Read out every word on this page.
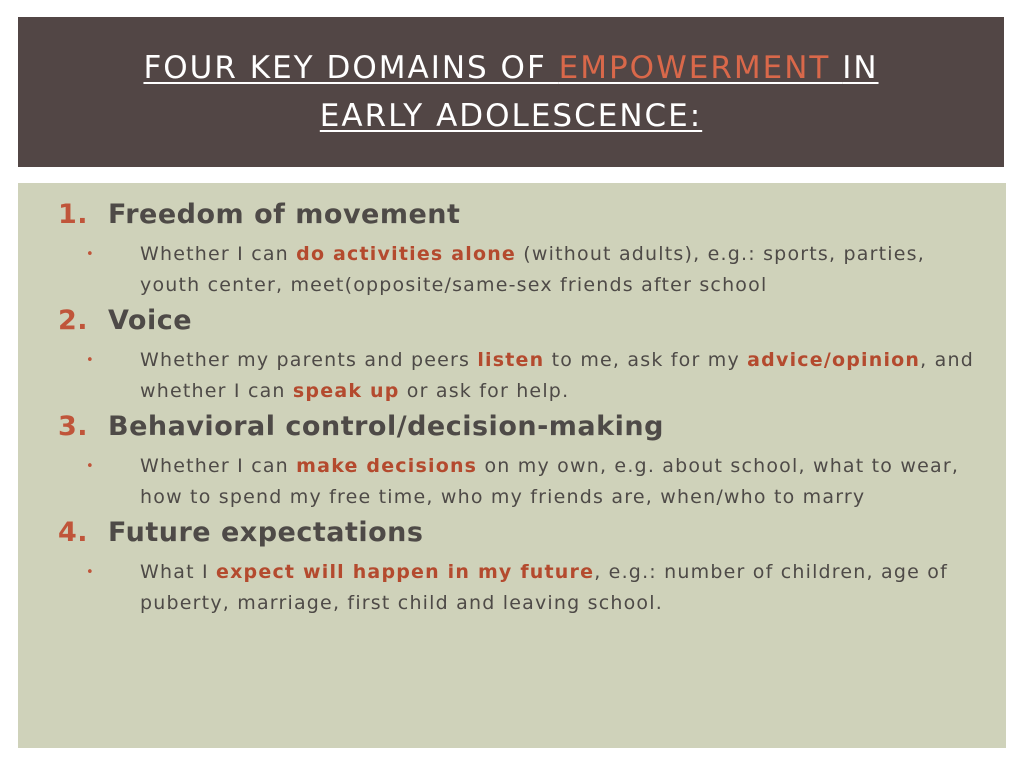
FOUR KEY DOMAINS OF EMPOWERMENT IN
EARLY ADOLESCENCE:
1. Freedom of movement
• Whether I can do activities alone (without adults), e.g.: sports, parties, youth center, meet(opposite/same-sex friends after school
2. Voice
• Whether my parents and peers listen to me, ask for my advice/opinion, and whether I can speak up or ask for help.
3. Behavioral control/decision-making
• Whether I can make decisions on my own, e.g. about school, what to wear, how to spend my free time, who my friends are, when/who to marry
4. Future expectations
• What I expect will happen in my future, e.g.: number of children, age of puberty, marriage, first child and leaving school.
